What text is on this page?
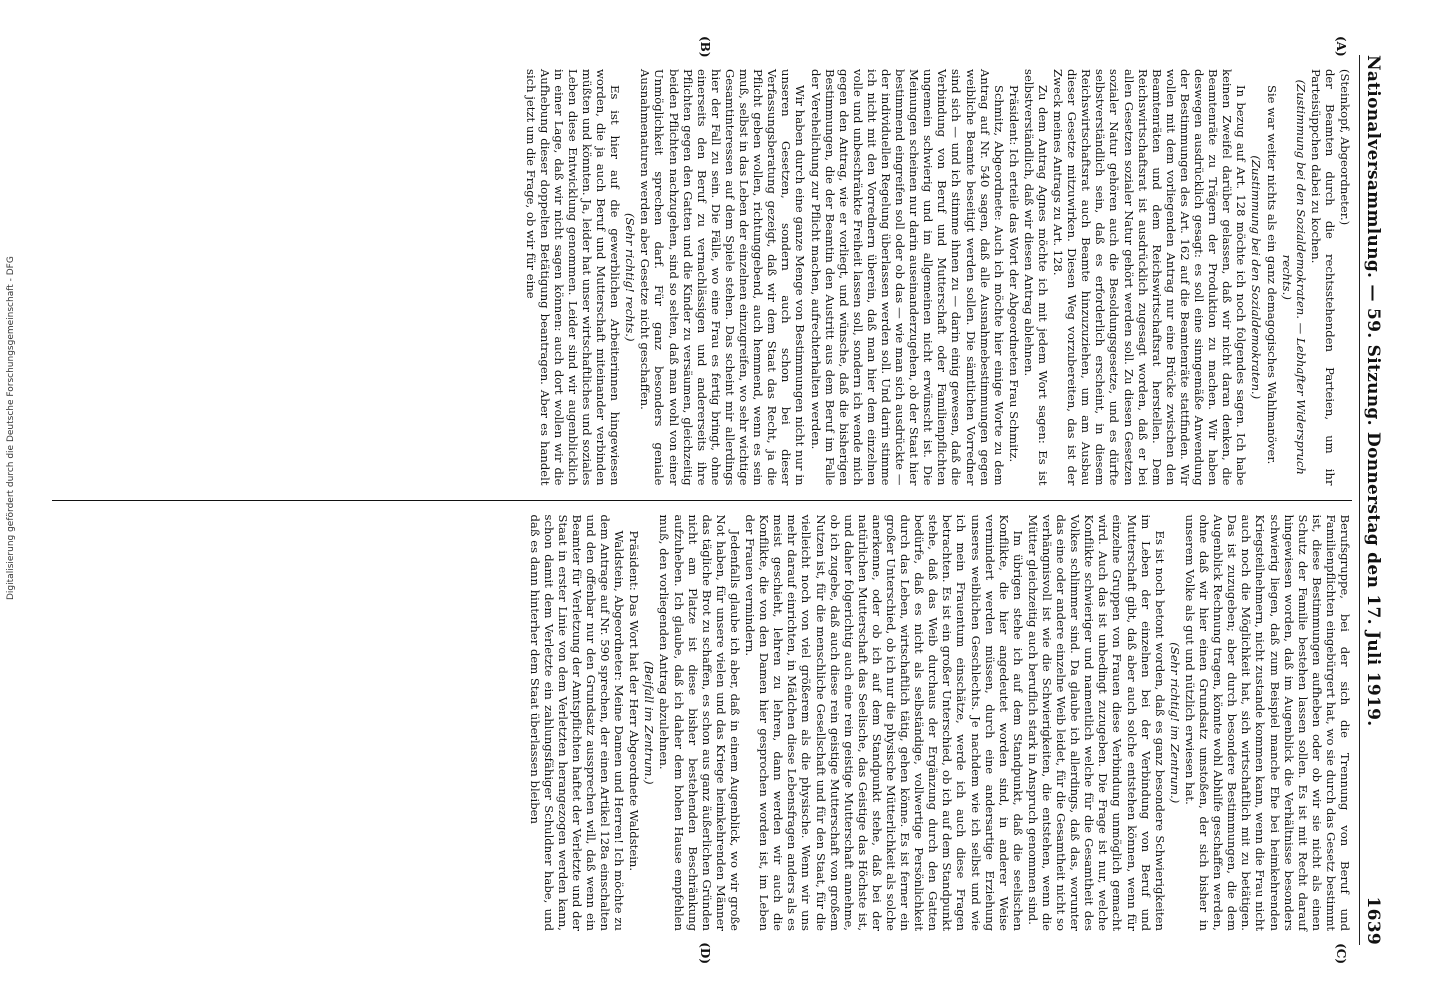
Nationalversammlung. — 59. Sitzung. Donnerstag den 17. Juli 1919.
1639
(A)
(B)

(Steinkopf, Abgeordneter.)

der Beamten durch die rechtsstehenden Parteien, um ihr Parteisüppchen dabei zu kochen.

(Zustimmung bei den Sozialdemokraten. — Lebhafter Widerspruch rechts.)

Sie war weiter nichts als ein ganz demagogisches Wahlmanöver.

(Zustimmung bei den Sozialdemokraten.)

In bezug auf Art. 128 möchte ich noch folgendes sagen. Ich habe keinen Zweifel darüber gelassen, daß wir nicht daran denken, die Beamtenräte zu Trägern der Produktion zu machen. Wir haben deswegen ausdrücklich gesagt: es soll eine sinngemäße Anwendung der Bestimmungen des Art. 162 auf die Beamtenräte stattfinden. Wir wollen mit dem vorliegenden Antrag nur eine Brücke zwischen den Beamtenräten und dem Reichswirtschaftsrat herstellen. Dem Reichswirtschaftsrat ist ausdrücklich zugesagt worden, daß er bei allen Gesetzen sozialer Natur gehört werden soll. Zu diesen Gesetzen sozialer Natur gehören auch die Besoldungsgesetze, und es dürfte selbstverständlich sein, daß es erforderlich erscheint, in diesem Reichswirtschaftsrat auch Beamte hinzuzuziehen, um am Ausbau dieser Gesetze mitzuwirken. Diesen Weg vorzubereiten, das ist der Zweck meines Antrags zu Art. 128.

Zu dem Antrag Agnes möchte ich mit jedem Wort sagen: Es ist selbstverständlich, daß wir diesen Antrag ablehnen.

Präsident: Ich erteile das Wort der Abgeordneten Frau Schmitz.

Schmitz, Abgeordnete: Auch ich möchte hier einige Worte zu dem Antrag auf Nr. 540 sagen, daß alle Ausnahmebestimmungen gegen weibliche Beamte beseitigt werden sollen. Die sämtlichen Vorredner sind sich — und ich stimme ihnen zu — darin einig gewesen, daß die Verbindung von Beruf und Mutterschaft oder Familienpflichten ungemein schwierig und im allgemeinen nicht erwünscht ist. Die Meinungen scheinen nur darin auseinanderzugehen, ob der Staat hier bestimmend eingreifen soll oder ob das — wie man sich ausdrückte — der individuellen Regelung überlassen werden soll. Und darin stimme ich nicht mit den Vorrednern überein, daß man hier dem einzelnen volle und unbeschränkte Freiheit lassen soll, sondern ich wende mich gegen den Antrag, wie er vorliegt, und wünsche, daß die bisherigen Bestimmungen, die der Beamtin den Austritt aus dem Beruf im Falle der Verehelichung zur Pflicht machen, aufrechterhalten werden.

Wir haben durch eine ganze Menge von Bestimmungen nicht nur in unseren Gesetzen, sondern auch schon bei dieser Verfassungsberatung gezeigt, daß wir dem Staat das Recht, ja die Pflicht geben wollen, richtunggebend, auch hemmend, wenn es sein muß, selbst in das Leben der einzelnen einzugreifen, wo sehr wichtige Gesamtinteressen auf dem Spiele stehen. Das scheint mir allerdings hier der Fall zu sein. Die Fälle, wo eine Frau es fertig bringt, ohne einerseits den Beruf zu vernachlässigen und andererseits ihre Pflichten gegen den Gatten und die Kinder zu versäumen, gleichzeitig beiden Pflichten nachzugehen, sind so selten, daß man wohl von einer Unmöglichkeit sprechen darf. Für ganz besonders geniale Ausnahmenaturen werden aber Gesetze nicht geschaffen.

(Sehr richtig! rechts.)

Es ist hier auf die gewerblichen Arbeiterinnen hingewiesen worden, die ja auch Beruf und Mutterschaft miteinander verbinden müßten und könnten. Ja, leider hat unser wirtschaftliches und soziales Leben diese Entwicklung genommen. Leider sind wir augenblicklich in einer Lage, daß wir nicht sagen können: auch dort wollen wir die Aufhebung dieser doppelten Betätigung beantragen. Aber es handelt sich jetzt um die Frage, ob wir für eine

(C)
(D)

Berufsgruppe, bei der sich die Trennung von Beruf und Familienpflichten eingebürgert hat, wo sie durch das Gesetz bestimmt ist, diese Bestimmungen aufheben oder ob wir sie nicht als einen Schutz der Familie bestehen lassen sollen. Es ist mit Recht darauf hingewiesen worden, daß im Augenblick die Verhältnisse besonders schwierig liegen, daß zum Beispiel manche Ehe bei heimkehrenden Kriegsteilnehmern, nicht zustande kommen kann, wenn die Frau nicht auch noch die Möglichkeit hat, sich wirtschaftlich mit zu betätigen. Das ist zuzugeben; aber durch besondere Bestimmungen, die dem Augenblick Rechnung tragen, könnte wohl Abhilfe geschaffen werden, ohne daß wir hier einen Grundsatz umstoßen, der sich bisher in unserem Volke als gut und nützlich erwiesen hat.

(Sehr richtig! im Zentrum.)

Es ist noch betont worden, daß es ganz besondere Schwierigkeiten im Leben der einzelnen bei der Verbindung von Beruf und Mutterschaft gibt, daß aber auch solche entstehen können, wenn für einzelne Gruppen von Frauen diese Verbindung unmöglich gemacht wird. Auch das ist unbedingt zuzugeben. Die Frage ist nur, welche Konflikte schwieriger und namentlich welche für die Gesamtheit des Volkes schlimmer sind. Da glaube ich allerdings, daß das, worunter das eine oder andere einzelne Weib leidet, für die Gesamtheit nicht so verhängnisvoll ist wie die Schwierigkeiten, die entstehen, wenn die Mütter gleichzeitig auch beruflich stark in Anspruch genommen sind.

Im übrigen stehe ich auf dem Standpunkt, daß die seelischen Konflikte, die hier angedeutet worden sind, in anderer Weise vermindert werden müssen, durch eine andersartige Erziehung unseres weiblichen Geschlechts. Je nachdem wie ich selbst und wie ich mein Frauentum einschätze, werde ich auch diese Fragen betrachten. Es ist ein großer Unterschied, ob ich auf dem Standpunkt stehe, daß das Weib durchaus der Ergänzung durch den Gatten bedürfe, daß es nicht als selbständige, vollwertige Persönlichkeit durch das Leben, wirtschaftlich tätig, gehen könne. Es ist ferner ein großer Unterschied, ob ich nur die physische Mütterlichkeit als solche anerkenne, oder ob ich auf dem Standpunkt stehe, daß bei der natürlichen Mutterschaft das Seelische, das Geistige das Höchste ist, und daher folgerichtig auch eine rein geistige Mutterschaft annehme, ob ich zugebe, daß auch diese rein geistige Mutterschaft von großem Nutzen ist, für die menschliche Gesellschaft und für den Staat, für die vielleicht noch von viel größerem als die physische. Wenn wir uns mehr darauf einrichten, in Mädchen diese Lebensfragen anders als es meist geschieht, lehren zu lehren, dann werden wir auch die Konflikte, die von den Damen hier gesprochen worden ist, im Leben der Frauen vermindern.

Jedenfalls glaube ich aber, daß in einem Augenblick, wo wir große Not haben, für unsere vielen und das Kriege heimkehrenden Männer das tägliche Brot zu schaffen, es schon aus ganz äußerlichen Gründen nicht am Platze ist diese bisher bestehenden Beschränkung aufzuheben. Ich glaube, daß ich daher dem hohen Hause empfehlen muß, den vorliegenden Antrag abzulehnen.

(Beifall im Zentrum.)

Präsident: Das Wort hat der Herr Abgeordnete Waldstein.

Waldstein, Abgeordneter: Meine Damen und Herren! Ich möchte zu dem Antrage auf Nr. 590 sprechen, der einen Artikel 128a einschalten und den offenbar nur den Grundsatz aussprechen will, daß wenn ein Beamter für Verletzung der Amtspflichten haftet der Verletzte und der Staat in erster Linie von dem Verletzten herangezogen werden kann, schon damit dem Verletzte ein zahlungsfähiger Schuldner habe, und daß es dann hinterher dem Staat überlassen bleiben

Digitalisierung gefördert durch die Deutsche Forschungsgemeinschaft - DFG
